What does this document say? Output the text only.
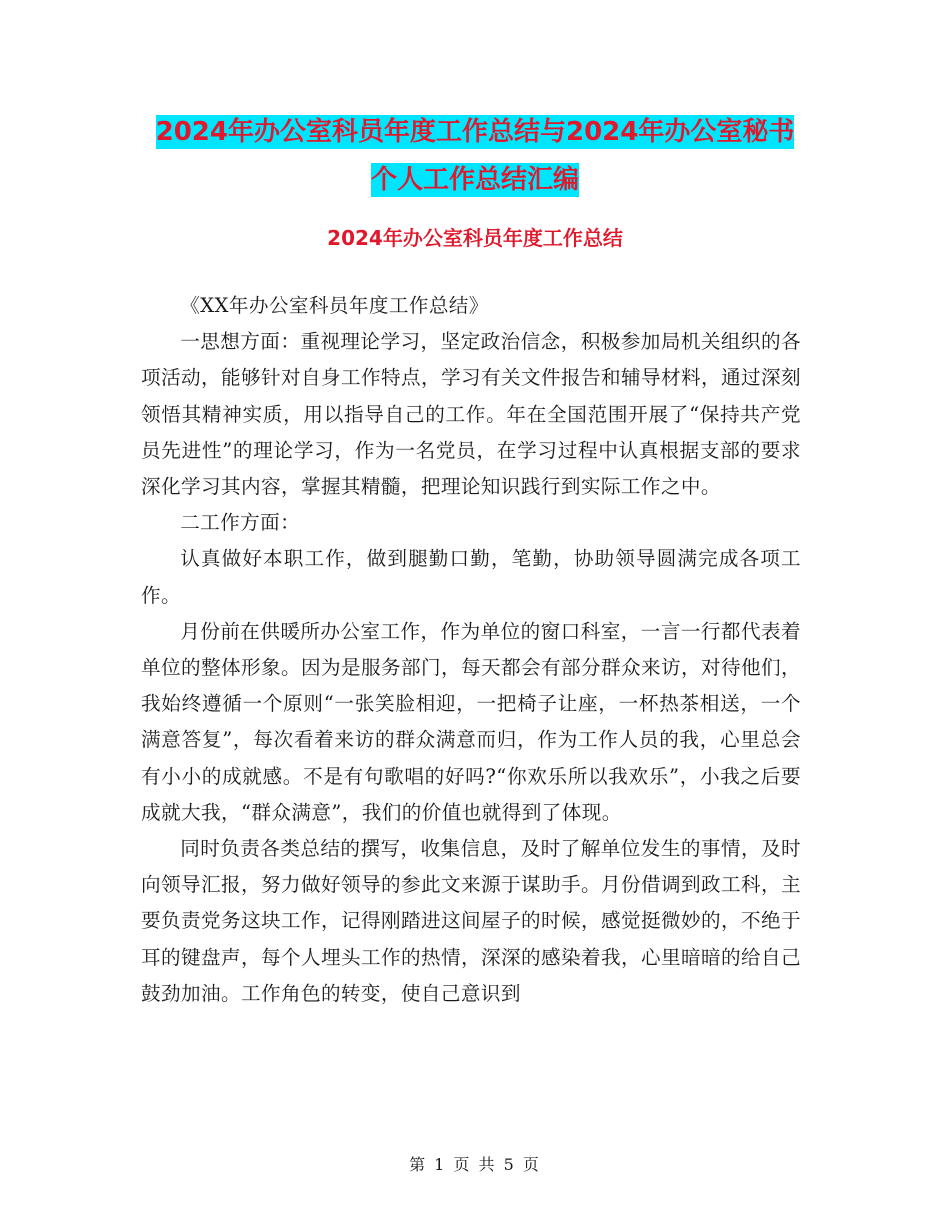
2024年办公室科员年度工作总结与2024年办公室秘书
个人工作总结汇编
2024年办公室科员年度工作总结

《XX年办公室科员年度工作总结》

一思想方面：重视理论学习，坚定政治信念，积极参加局机关组织的各项活动，能够针对自身工作特点，学习有关文件报告和辅导材料，通过深刻领悟其精神实质，用以指导自己的工作。年在全国范围开展了“保持共产党员先进性”的理论学习，作为一名党员，在学习过程中认真根据支部的要求深化学习其内容，掌握其精髓，把理论知识践行到实际工作之中。

二工作方面：

认真做好本职工作，做到腿勤口勤，笔勤，协助领导圆满完成各项工作。

月份前在供暖所办公室工作，作为单位的窗口科室，一言一行都代表着单位的整体形象。因为是服务部门，每天都会有部分群众来访，对待他们，我始终遵循一个原则“一张笑脸相迎，一把椅子让座，一杯热茶相送，一个满意答复”，每次看着来访的群众满意而归，作为工作人员的我，心里总会有小小的成就感。不是有句歌唱的好吗?“你欢乐所以我欢乐”，小我之后要成就大我，“群众满意”，我们的价值也就得到了体现。

同时负责各类总结的撰写，收集信息，及时了解单位发生的事情，及时向领导汇报，努力做好领导的参此文来源于谋助手。月份借调到政工科，主要负责党务这块工作，记得刚踏进这间屋子的时候，感觉挺微妙的，不绝于耳的键盘声，每个人埋头工作的热情，深深的感染着我，心里暗暗的给自己鼓劲加油。工作角色的转变，使自己意识到

第 1 页 共 5 页
